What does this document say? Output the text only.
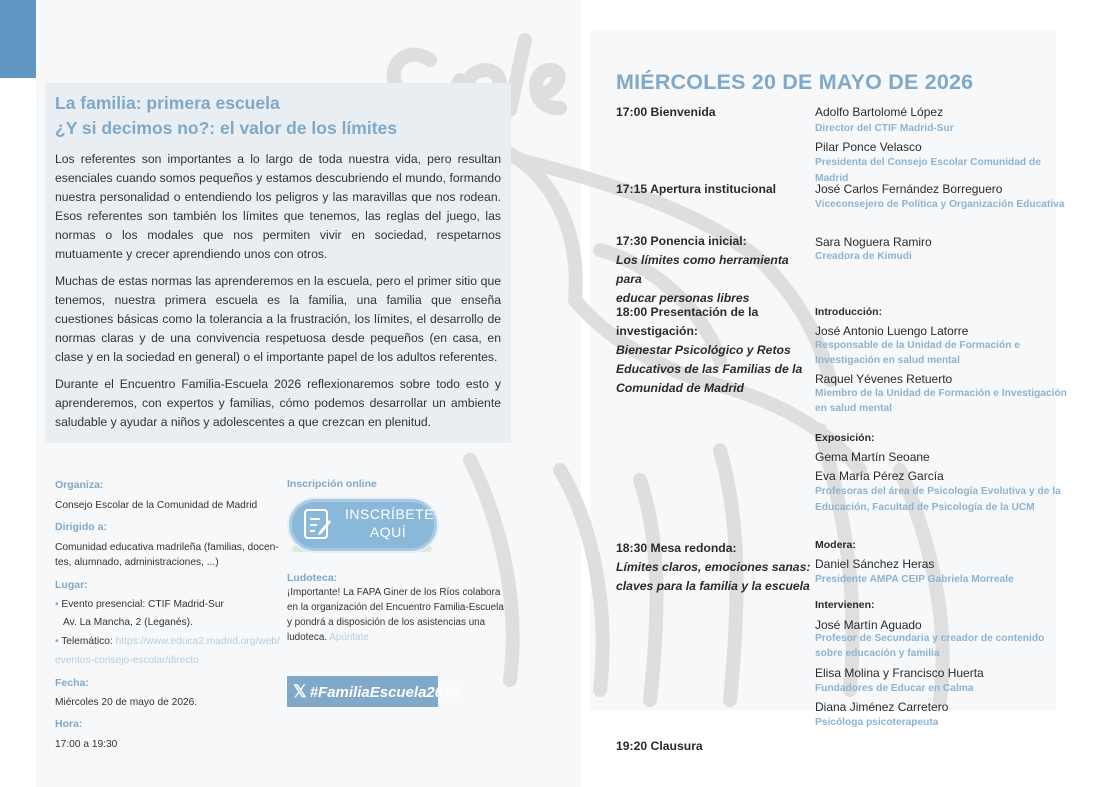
La familia: primera escuela
¿Y si decimos no?: el valor de los límites

Los referentes son importantes a lo largo de toda nuestra vida, pero resultan esenciales cuando somos pequeños y estamos descubriendo el mundo, formando nuestra personalidad o entendiendo los peligros y las maravillas que nos rodean. Esos referentes son también los límites que tenemos, las reglas del juego, las normas o los modales que nos permiten vivir en sociedad, respetarnos mutuamente y crecer aprendiendo unos con otros.

Muchas de estas normas las aprenderemos en la escuela, pero el primer sitio que tenemos, nuestra primera escuela es la familia, una familia que enseña cuestiones básicas como la tolerancia a la frustración, los límites, el desarrollo de normas claras y de una convivencia respetuosa desde pequeños (en casa, en clase y en la sociedad en general) o el importante papel de los adultos referentes.

Durante el Encuentro Familia-Escuela 2026 reflexionaremos sobre todo esto y aprenderemos, con expertos y familias, cómo podemos desarrollar un ambiente saludable y ayudar a niños y adolescentes a que crezcan en plenitud.

Organiza:
Consejo Escolar de la Comunidad de Madrid
Dirigido a:
Comunidad educativa madrileña (familias, docen-
tes, alumnado, administraciones, ...)
Lugar:
• Evento presencial: CTIF Madrid-Sur
Av. La Mancha, 2 (Leganés).
• Telemático: https://www.educa2.madrid.org/web/
eventos-consejo-escolar/directo
Fecha:
Miércoles 20 de mayo de 2026.
Hora:
17:00 a 19:30
Inscripción online
INSCRÍBETE
AQUÍ
Ludoteca:
¡Importante! La FAPA Giner de los Ríos colabora
en la organización del Encuentro Familia-Escuela
y pondrá a disposición de los asistencias una
ludoteca. Apúntate
𝕏 #FamiliaEscuela2026
MIÉRCOLES 20 DE MAYO DE 2026
17:00 Bienvenida	Adolfo Bartolomé López
Director del CTIF Madrid-Sur
Pilar Ponce Velasco
Presidenta del Consejo Escolar Comunidad de Madrid
17:15 Apertura institucional	José Carlos Fernández Borreguero
Viceconsejero de Política y Organización Educativa
17:30 Ponencia inicial:
Los límites como herramienta para
educar personas libres
Sara Noguera Ramiro
Creadora de Kimudi
18:00 Presentación de la
investigación:
Bienestar Psicológico y Retos
Educativos de las Familias de la
Comunidad de Madrid
Introducción:
José Antonio Luengo Latorre
Responsable de la Unidad de Formación e
Investigación en salud mental
Raquel Yévenes Retuerto
Miembro de la Unidad de Formación e Investigación
en salud mental
Exposición:
Gema Martín Seoane
Eva María Pérez García
Profesoras del área de Psicología Evolutiva y de la
Educación, Facultad de Psicología de la UCM
18:30 Mesa redonda:
Límites claros, emociones sanas:
claves para la familia y la escuela
Modera:
Daniel Sánchez Heras
Presidente AMPA CEIP Gabriela Morreale
Intervienen:
José Martín Aguado
Profesor de Secundaria y creador de contenido
sobre educación y familia
Elisa Molina y Francisco Huerta
Fundadores de Educar en Calma
Diana Jiménez Carretero
Psicóloga psicoterapeuta
19:20 Clausura
